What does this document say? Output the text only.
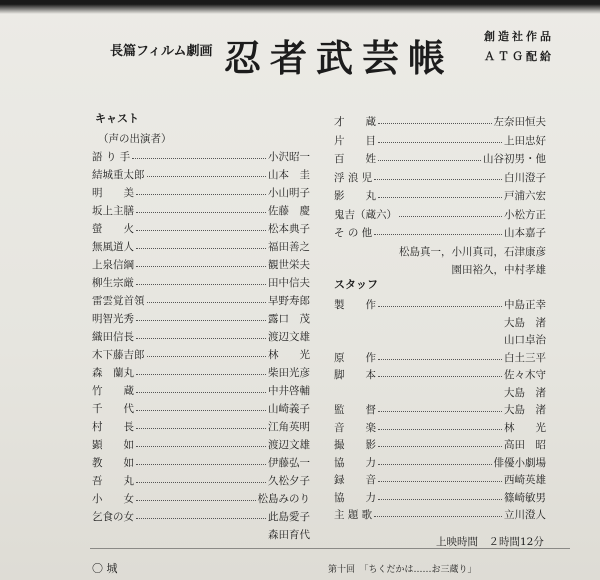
長篇フィルム劇画 忍者武芸帳
創造社作品
ＡＴＧ配給
キャスト
（声の出演者）
語 り 手	小沢昭一
結城重太郎	山本　圭
明　　美	小山明子
坂上主膳	佐藤　慶
螢　　火	松本典子
無風道人	福田善之
上泉信綱	観世栄夫
柳生宗厳	田中信夫
雷雲覚首領	早野寿郎
明智光秀	露口　茂
織田信長	渡辺文雄
木下藤吉郎	林　　光
森　蘭丸	柴田光彦
竹　　蔵	中井啓輔
千　　代	山崎義子
村　　長	江角英明
顕　　如	渡辺文雄
教　　如	伊藤弘一
吾　　丸	久松夕子
小　　女	松島みのり
乞食の女	此島愛子
森田育代
才　　蔵	左奈田恒夫
片　　目	上田忠好
百　　姓	山谷初男・他
浮 浪 児	白川澄子
影　　丸	戸浦六宏
鬼吉（蔵六）	小松方正
そ の 他	山本嘉子
松島真一，小川真司，石津康彦
園田裕久，中村孝雄
スタッフ
製　　作	中島正幸
大島　渚
山口卓治
原　　作	白土三平
脚　　本	佐々木守
大島　渚
監　　督	大島　渚
音　　楽	林　　光
撮　　影	高田　昭
協　　力	俳優小劇場
録　　音	西崎英雄
協　　力	篠崎敏男
主 題 歌	立川澄人
上映時間　２時間12分
〇 城	第十回　「ちくだかは……お三蔵り」
